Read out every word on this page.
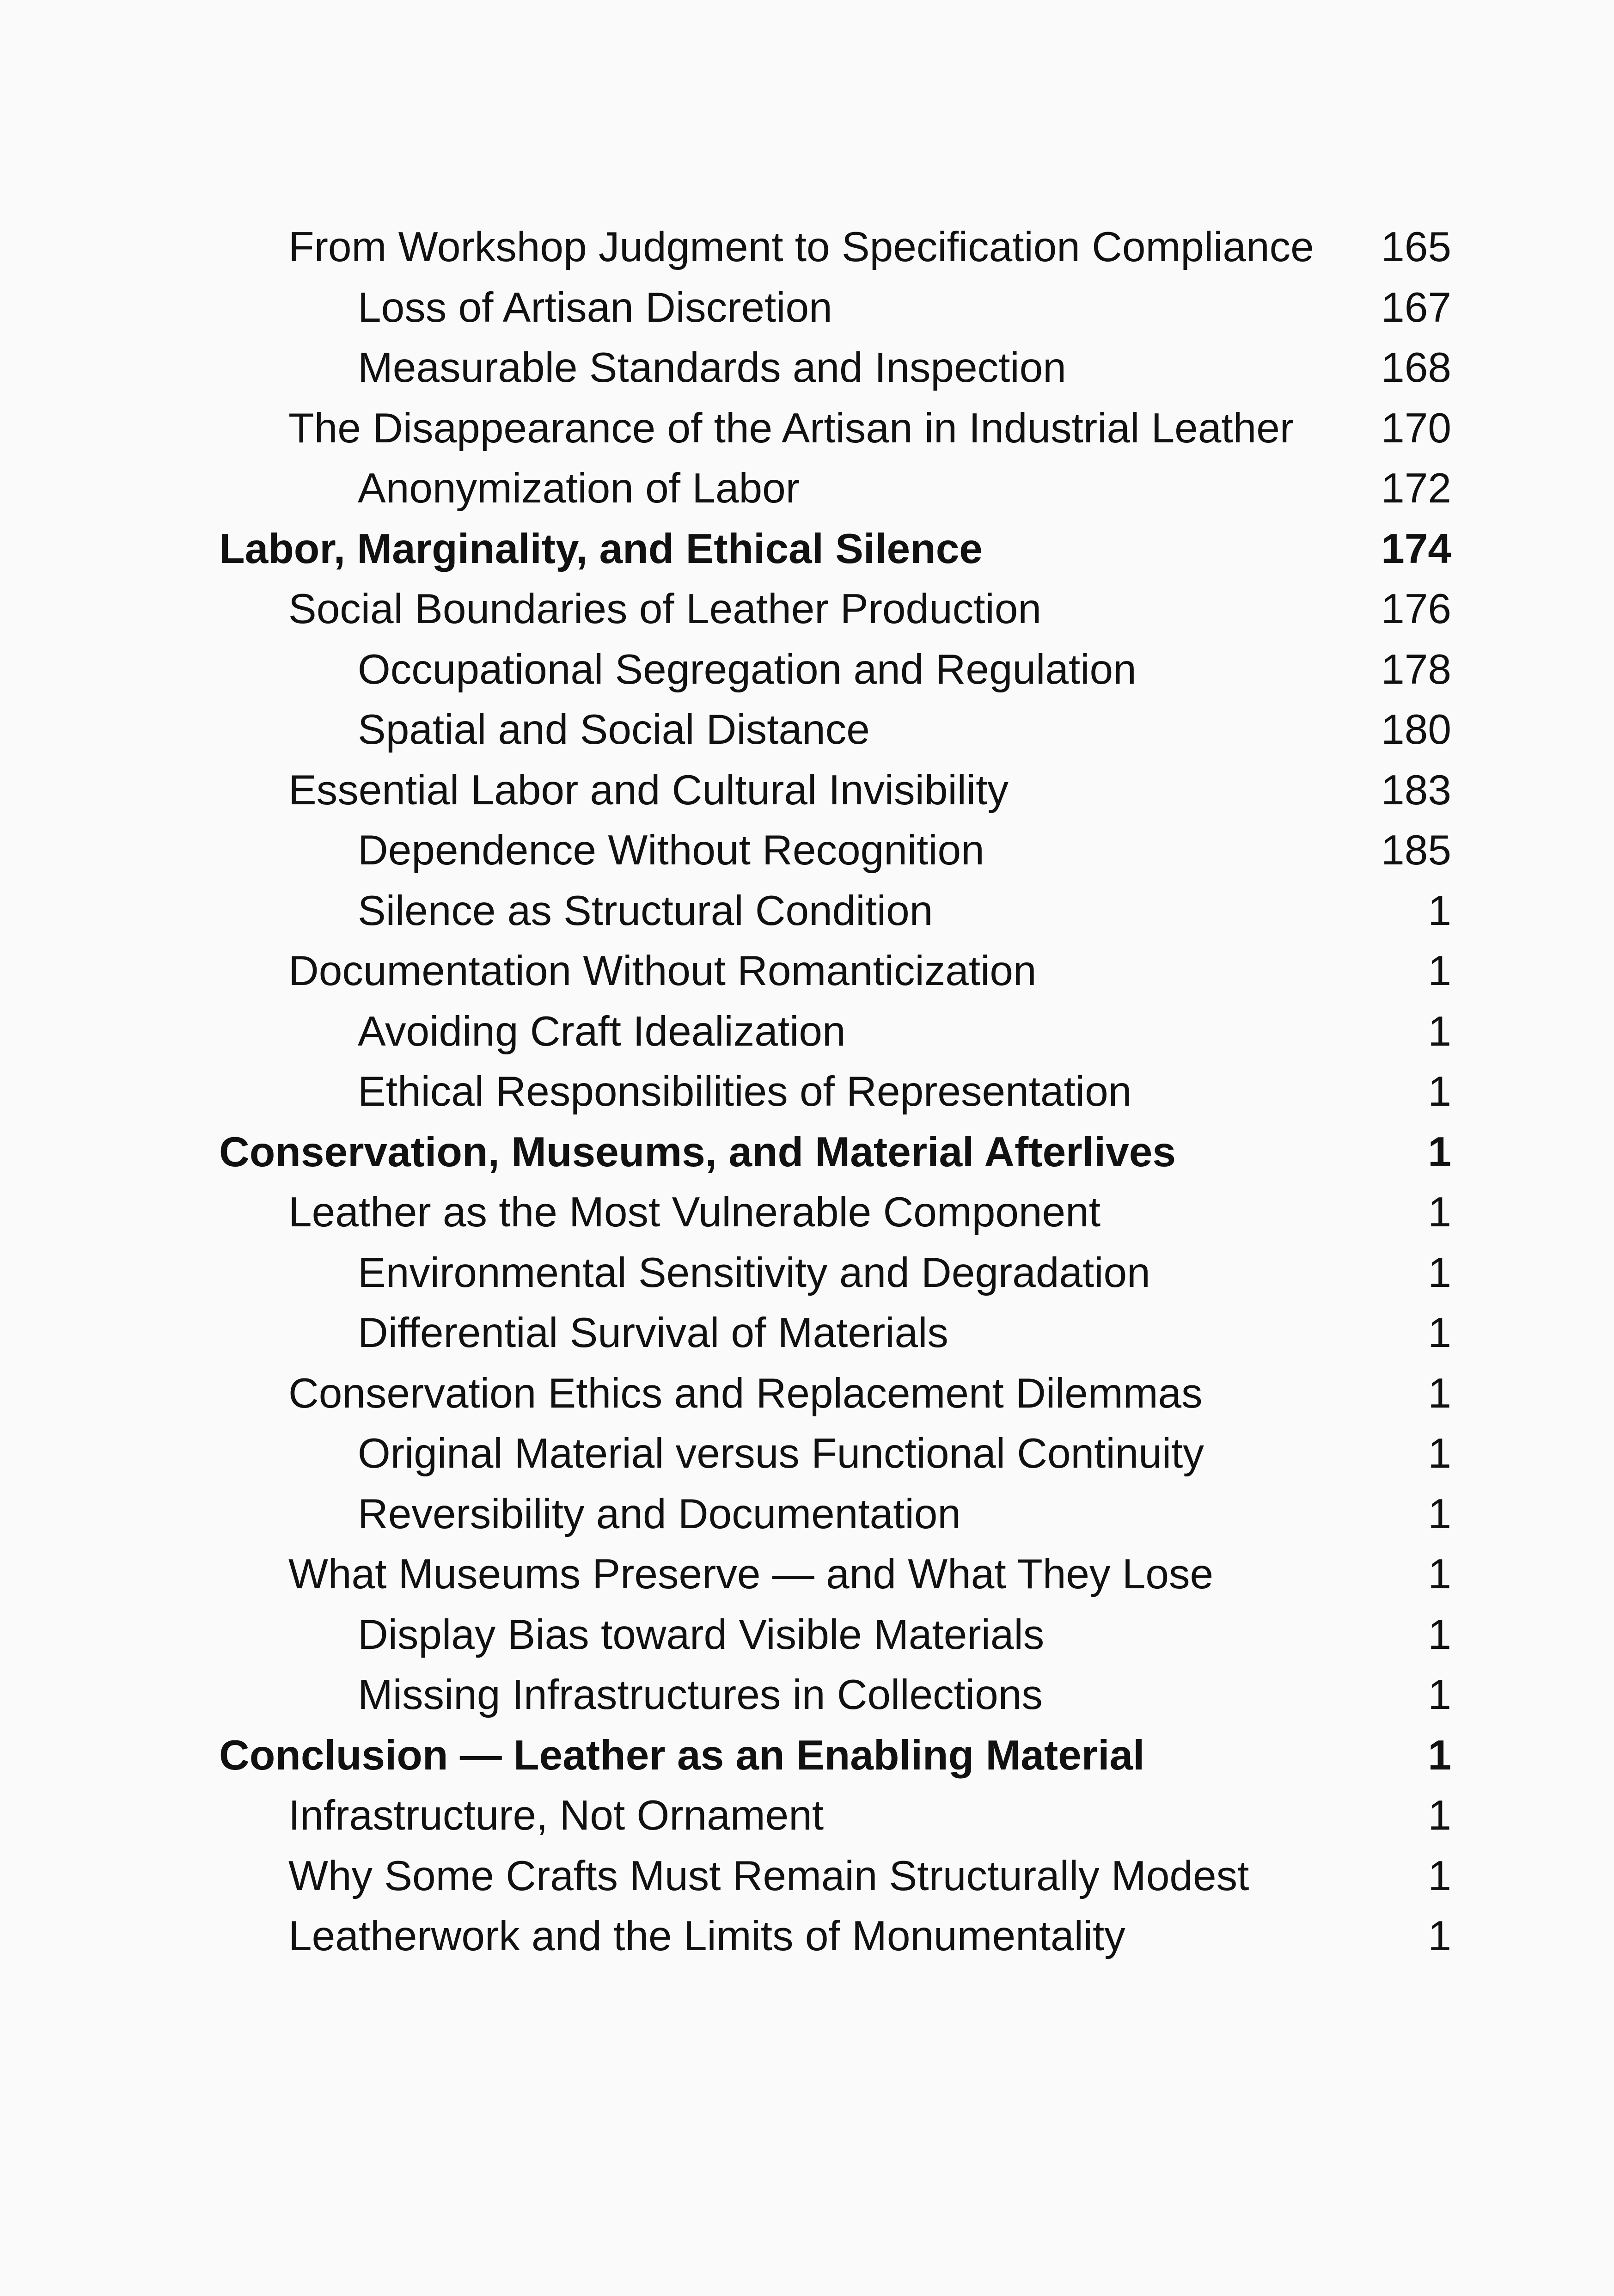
From Workshop Judgment to Specification Compliance 165
Loss of Artisan Discretion	167
Measurable Standards and Inspection	168
The Disappearance of the Artisan in Industrial Leather 170
Anonymization of Labor	172
Labor, Marginality, and Ethical Silence	174
Social Boundaries of Leather Production	176
Occupational Segregation and Regulation	178
Spatial and Social Distance	180
Essential Labor and Cultural Invisibility	183
Dependence Without Recognition	185
Silence as Structural Condition	1
Documentation Without Romanticization	1
Avoiding Craft Idealization	1
Ethical Responsibilities of Representation	1
Conservation, Museums, and Material Afterlives	1
Leather as the Most Vulnerable Component	1
Environmental Sensitivity and Degradation	1
Differential Survival of Materials	1
Conservation Ethics and Replacement Dilemmas	1
Original Material versus Functional Continuity	1
Reversibility and Documentation	1
What Museums Preserve — and What They Lose	1
Display Bias toward Visible Materials	1
Missing Infrastructures in Collections	1
Conclusion — Leather as an Enabling Material	1
Infrastructure, Not Ornament	1
Why Some Crafts Must Remain Structurally Modest	1
Leatherwork and the Limits of Monumentality	1
